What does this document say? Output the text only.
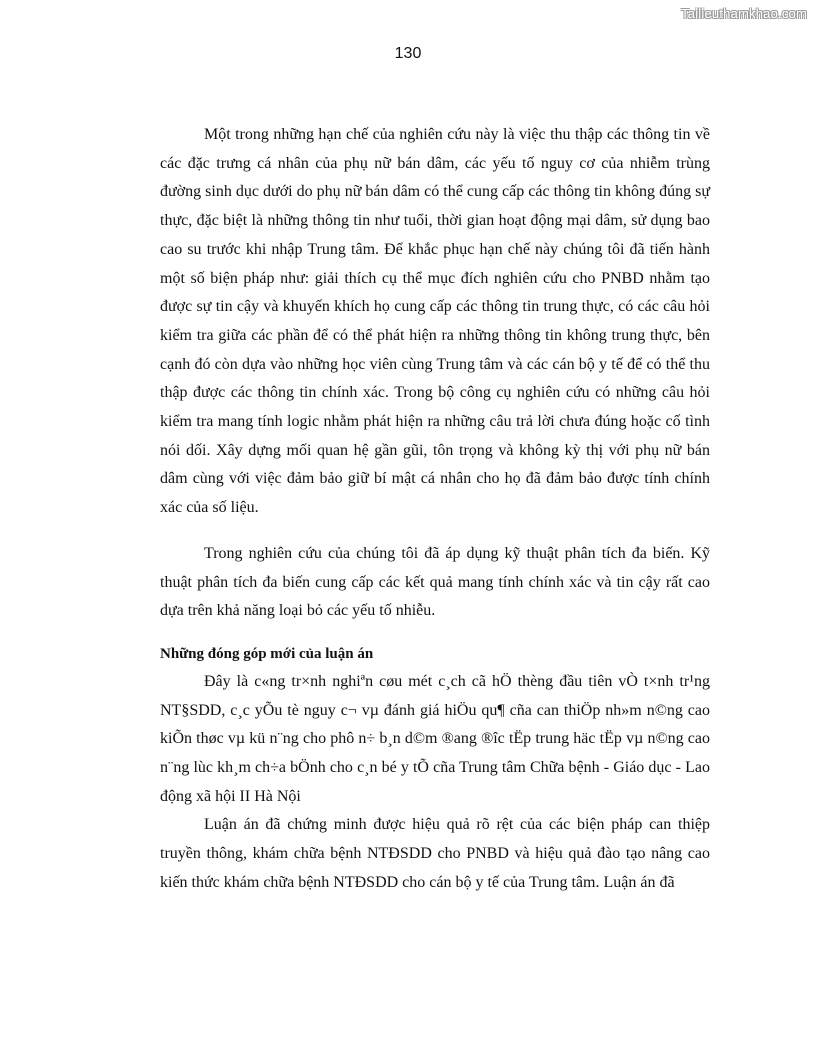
Tailieuthamkhao.com
130

Một trong những hạn chế của nghiên cứu này là việc thu thập các thông tin về các đặc trưng cá nhân của phụ nữ bán dâm, các yếu tố nguy cơ của nhiễm trùng đường sinh dục dưới do phụ nữ bán dâm có thể cung cấp các thông tin không đúng sự thực, đặc biệt là những thông tin như tuổi, thời gian hoạt động mại dâm, sử dụng bao cao su trước khi nhập Trung tâm. Để khắc phục hạn chế này chúng tôi đã tiến hành một số biện pháp như: giải thích cụ thể mục đích nghiên cứu cho PNBD nhằm tạo được sự tin cậy và khuyến khích họ cung cấp các thông tin trung thực, có các câu hỏi kiểm tra giữa các phần để có thể phát hiện ra những thông tin không trung thực, bên cạnh đó còn dựa vào những học viên cùng Trung tâm và các cán bộ y tế để có thể thu thập được các thông tin chính xác. Trong bộ công cụ nghiên cứu có những câu hỏi kiểm tra mang tính logic nhằm phát hiện ra những câu trả lời chưa đúng hoặc cố tình nói dối. Xây dựng mối quan hệ gần gũi, tôn trọng và không kỳ thị với phụ nữ bán dâm cùng với việc đảm bảo giữ bí mật cá nhân cho họ đã đảm bảo được tính chính xác của số liệu.

Trong nghiên cứu của chúng tôi đã áp dụng kỹ thuật phân tích đa biến. Kỹ thuật phân tích đa biến cung cấp các kết quả mang tính chính xác và tin cậy rất cao dựa trên khả năng loại bỏ các yếu tố nhiễu.

Những đóng góp mới của luận án

Đây là c«ng tr×nh nghiªn cøu mét c¸ch cã hÖ thèng đầu tiên vÒ t×nh tr¹ng NT§SDD, c¸c yÕu tè nguy c¬ vµ đánh giá hiÖu qu¶ cña can thiÖp nh»m n©ng cao kiÕn thøc vµ kü n¨ng cho phô n÷ b¸n d©m ®ang ®îc tËp trung häc tËp vµ n©ng cao n¨ng lùc kh¸m ch÷a bÖnh cho c¸n bé y tÕ cña Trung tâm Chữa bệnh - Giáo dục - Lao động xã hội II Hà Nội

Luận án đã chứng minh được hiệu quả rõ rệt của các biện pháp can thiệp truyền thông, khám chữa bệnh NTĐSDD cho PNBD và hiệu quả đào tạo nâng cao kiến thức khám chữa bệnh NTĐSDD cho cán bộ y tế của Trung tâm. Luận án đã
